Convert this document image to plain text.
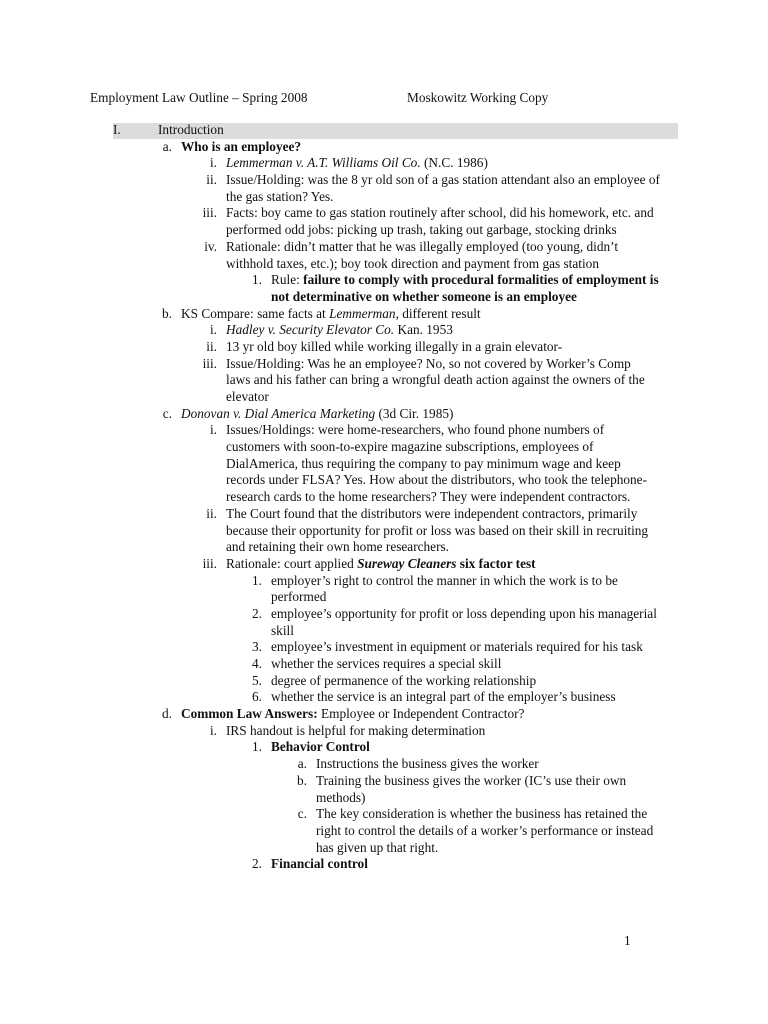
Employment Law Outline – Spring 2008	Moskowitz Working Copy
I.	Introduction
a. Who is an employee?
i. Lemmerman v. A.T. Williams Oil Co. (N.C. 1986)
ii. Issue/Holding: was the 8 yr old son of a gas station attendant also an employee of
the gas station? Yes.
iii. Facts: boy came to gas station routinely after school, did his homework, etc. and
performed odd jobs: picking up trash, taking out garbage, stocking drinks
iv. Rationale: didn’t matter that he was illegally employed (too young, didn’t
withhold taxes, etc.); boy took direction and payment from gas station
1. Rule: failure to comply with procedural formalities of employment is
not determinative on whether someone is an employee
b. KS Compare: same facts at Lemmerman, different result
i. Hadley v. Security Elevator Co. Kan. 1953
ii. 13 yr old boy killed while working illegally in a grain elevator-
iii. Issue/Holding: Was he an employee? No, so not covered by Worker’s Comp
laws and his father can bring a wrongful death action against the owners of the
elevator
c. Donovan v. Dial America Marketing (3d Cir. 1985)
i. Issues/Holdings: were home-researchers, who found phone numbers of
customers with soon-to-expire magazine subscriptions, employees of
DialAmerica, thus requiring the company to pay minimum wage and keep
records under FLSA? Yes. How about the distributors, who took the telephone-
research cards to the home researchers? They were independent contractors.
ii. The Court found that the distributors were independent contractors, primarily
because their opportunity for profit or loss was based on their skill in recruiting
and retaining their own home researchers.
iii. Rationale: court applied Sureway Cleaners six factor test
1. employer’s right to control the manner in which the work is to be
performed
2. employee’s opportunity for profit or loss depending upon his managerial
skill
3. employee’s investment in equipment or materials required for his task
4. whether the services requires a special skill
5. degree of permanence of the working relationship
6. whether the service is an integral part of the employer’s business
d. Common Law Answers: Employee or Independent Contractor?
i. IRS handout is helpful for making determination
1. Behavior Control
a. Instructions the business gives the worker
b. Training the business gives the worker (IC’s use their own
methods)
c. The key consideration is whether the business has retained the
right to control the details of a worker’s performance or instead
has given up that right.
2. Financial control
1
